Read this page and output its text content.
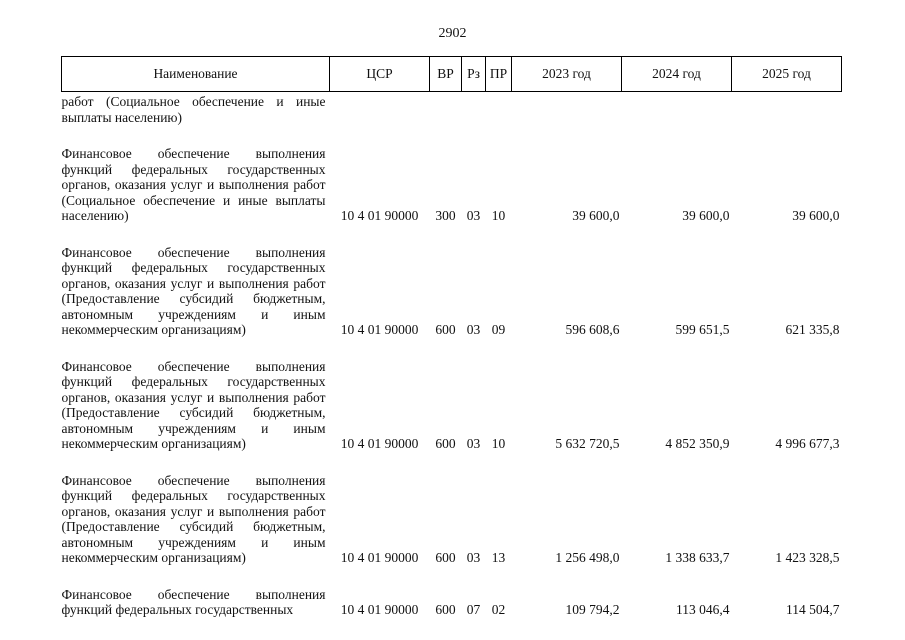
2902
Наименование	ЦСР	ВР	Рз	ПР	2023 год	2024 год	2025 год
работ (Социальное обеспечение и иные выплаты населению)							

Финансовое обеспечение выполнения функций федеральных государственных органов, оказания услуг и выполнения работ (Социальное обеспечение и иные выплаты населению)	10 4 01 90000	300	03	10	39 600,0	39 600,0	39 600,0

Финансовое обеспечение выполнения функций федеральных государственных органов, оказания услуг и выполнения работ (Предоставление субсидий бюджетным, автономным учреждениям и иным некоммерческим организациям)	10 4 01 90000	600	03	09	596 608,6	599 651,5	621 335,8

Финансовое обеспечение выполнения функций федеральных государственных органов, оказания услуг и выполнения работ (Предоставление субсидий бюджетным, автономным учреждениям и иным некоммерческим организациям)	10 4 01 90000	600	03	10	5 632 720,5	4 852 350,9	4 996 677,3

Финансовое обеспечение выполнения функций федеральных государственных органов, оказания услуг и выполнения работ (Предоставление субсидий бюджетным, автономным учреждениям и иным некоммерческим организациям)	10 4 01 90000	600	03	13	1 256 498,0	1 338 633,7	1 423 328,5

Финансовое обеспечение выполнения функций федеральных государственных	10 4 01 90000	600	07	02	109 794,2	113 046,4	114 504,7
